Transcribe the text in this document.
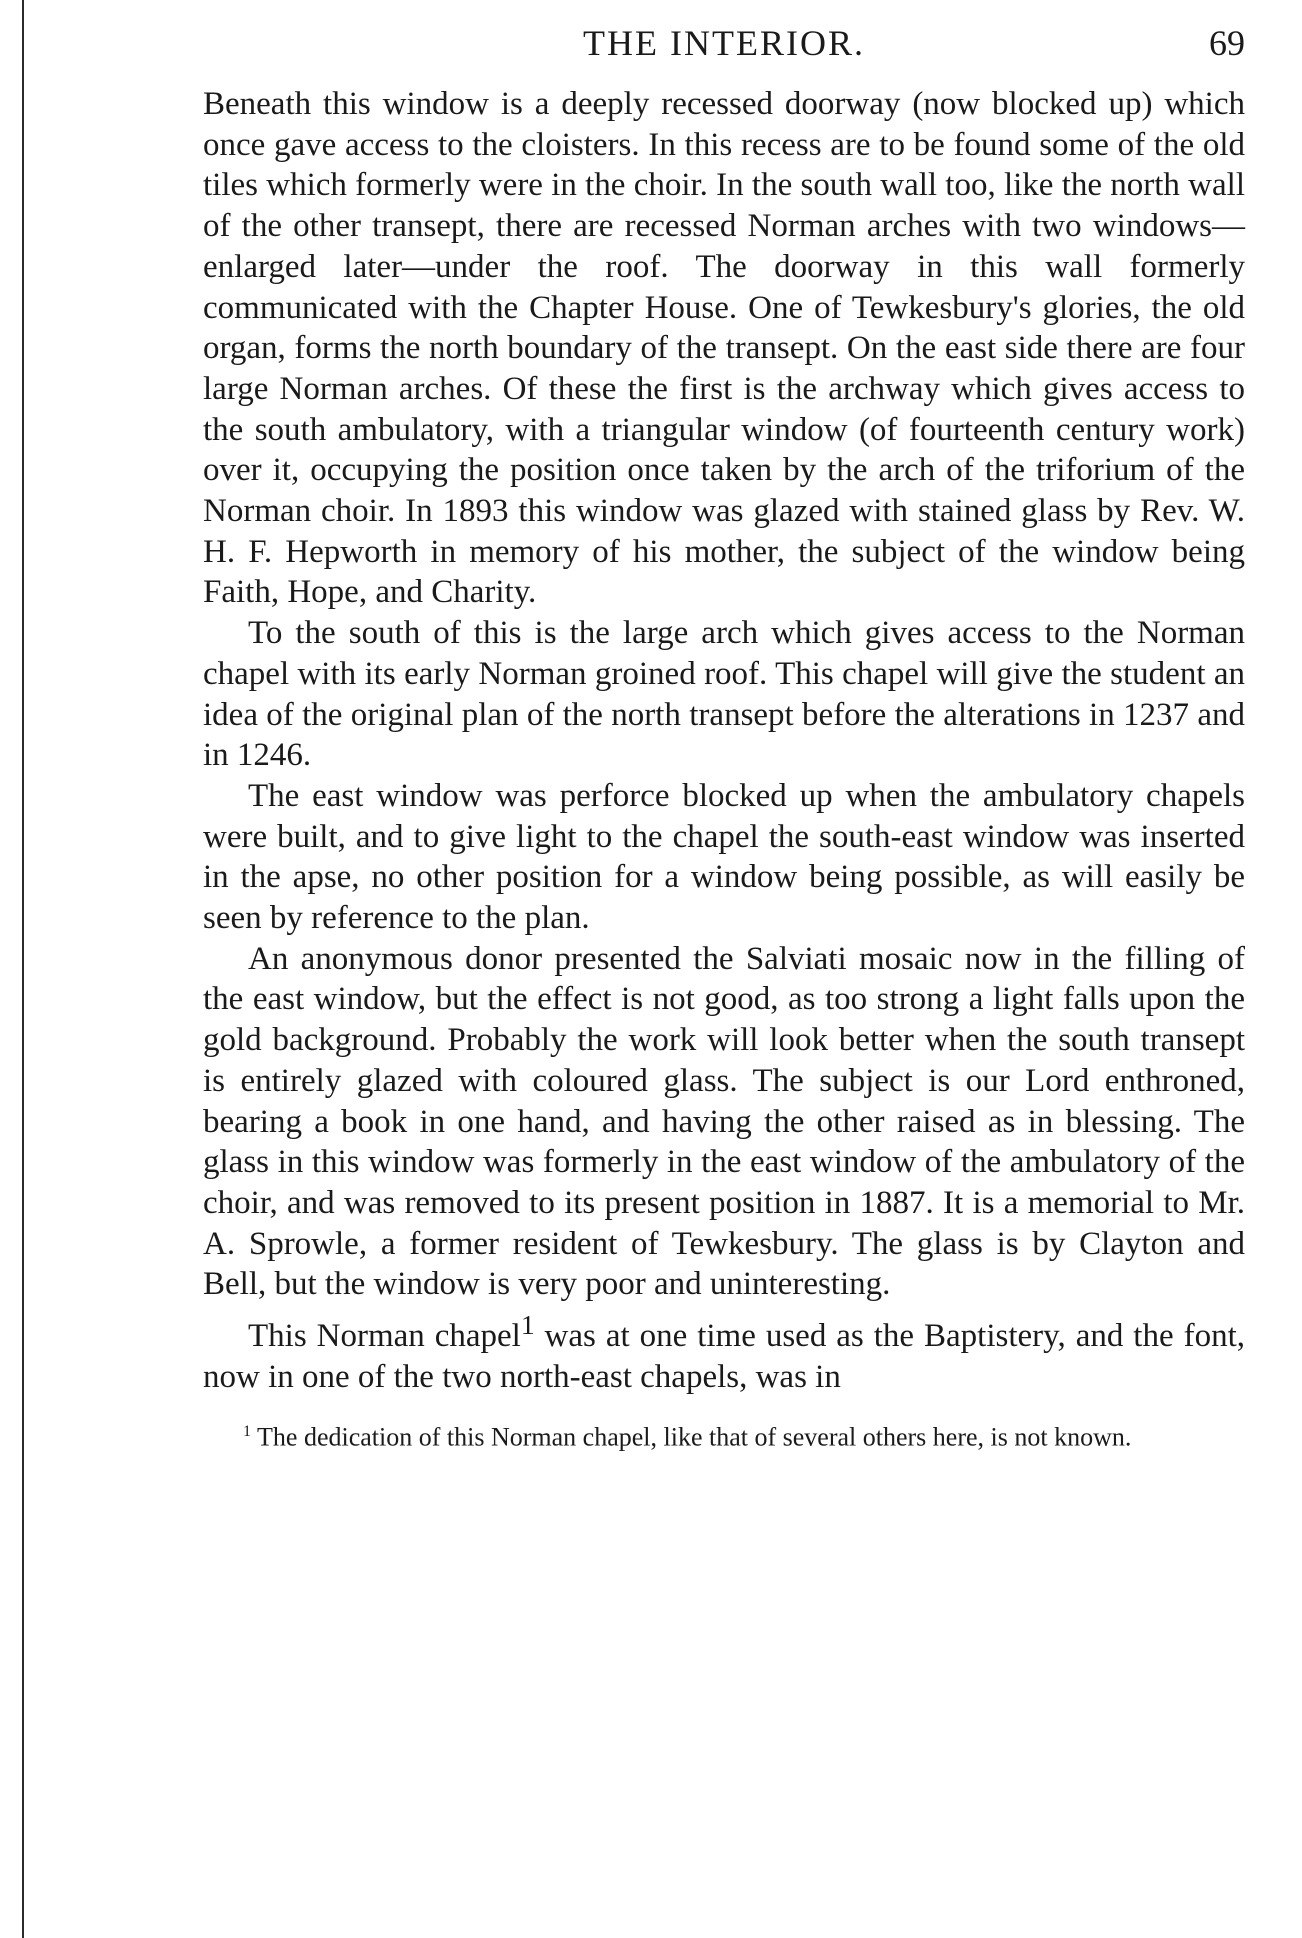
THE INTERIOR.	69

Beneath this window is a deeply recessed doorway (now blocked up) which once gave access to the cloisters. In this recess are to be found some of the old tiles which formerly were in the choir. In the south wall too, like the north wall of the other transept, there are recessed Norman arches with two windows—enlarged later—under the roof. The doorway in this wall formerly communicated with the Chapter House. One of Tewkesbury's glories, the old organ, forms the north boundary of the transept. On the east side there are four large Norman arches. Of these the first is the archway which gives access to the south ambulatory, with a triangular window (of fourteenth century work) over it, occupying the position once taken by the arch of the triforium of the Norman choir. In 1893 this window was glazed with stained glass by Rev. W. H. F. Hepworth in memory of his mother, the subject of the window being Faith, Hope, and Charity.

To the south of this is the large arch which gives access to the Norman chapel with its early Norman groined roof. This chapel will give the student an idea of the original plan of the north transept before the alterations in 1237 and in 1246.

The east window was perforce blocked up when the ambulatory chapels were built, and to give light to the chapel the south-east window was inserted in the apse, no other position for a window being possible, as will easily be seen by reference to the plan.

An anonymous donor presented the Salviati mosaic now in the filling of the east window, but the effect is not good, as too strong a light falls upon the gold background. Probably the work will look better when the south transept is entirely glazed with coloured glass. The subject is our Lord enthroned, bearing a book in one hand, and having the other raised as in blessing. The glass in this window was formerly in the east window of the ambulatory of the choir, and was removed to its present position in 1887. It is a memorial to Mr. A. Sprowle, a former resident of Tewkesbury. The glass is by Clayton and Bell, but the window is very poor and uninteresting.

This Norman chapel$^1$ was at one time used as the Baptistery, and the font, now in one of the two north-east chapels, was in

$^1$ The dedication of this Norman chapel, like that of several others here, is not known.
